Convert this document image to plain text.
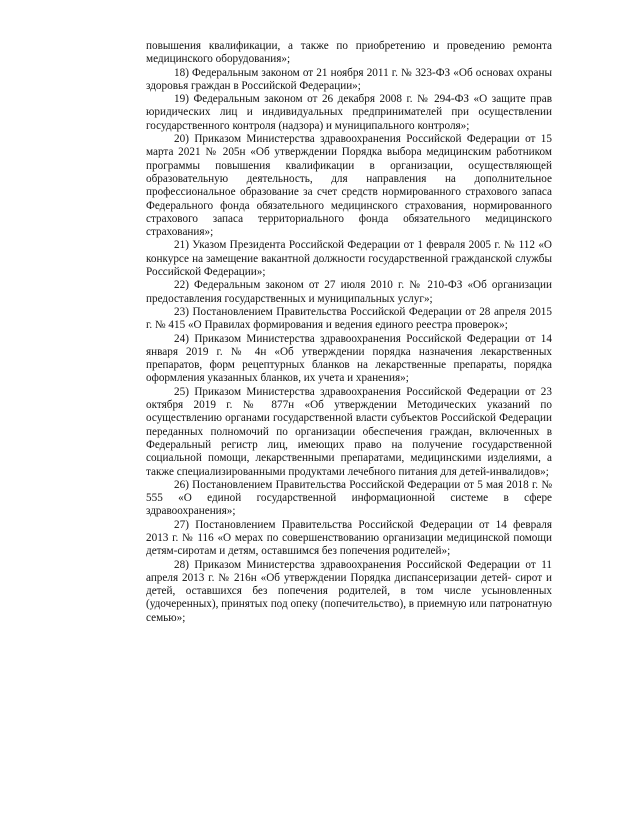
повышения квалификации, а также по приобретению и проведению ремонта медицинского оборудования»;

18) Федеральным законом от 21 ноября 2011 г. № 323-ФЗ «Об основах охраны здоровья граждан в Российской Федерации»;

19) Федеральным законом от 26 декабря 2008 г. № 294-ФЗ «О защите прав юридических лиц и индивидуальных предпринимателей при осуществлении государственного контроля (надзора) и муниципального контроля»;

20) Приказом Министерства здравоохранения Российской Федерации от 15 марта 2021 № 205н «Об утверждении Порядка выбора медицинским работником программы повышения квалификации в организации, осуществляющей образовательную деятельность, для направления на дополнительное профессиональное образование за счет средств нормированного страхового запаса Федерального фонда обязательного медицинского страхования, нормированного страхового запаса территориального фонда обязательного медицинского страхования»;

21) Указом Президента Российской Федерации от 1 февраля 2005 г. № 112 «О конкурсе на замещение вакантной должности государственной гражданской службы Российской Федерации»;

22) Федеральным законом от 27 июля 2010 г. № 210-ФЗ «Об организации предоставления государственных и муниципальных услуг»;

23) Постановлением Правительства Российской Федерации от 28 апреля 2015 г. № 415 «О Правилах формирования и ведения единого реестра проверок»;

24) Приказом Министерства здравоохранения Российской Федерации от 14 января 2019 г. № 4н «Об утверждении порядка назначения лекарственных препаратов, форм рецептурных бланков на лекарственные препараты, порядка оформления указанных бланков, их учета и хранения»;

25) Приказом Министерства здравоохранения Российской Федерации от 23 октября 2019 г. № 877н «Об утверждении Методических указаний по осуществлению органами государственной власти субъектов Российской Федерации переданных полномочий по организации обеспечения граждан, включенных в Федеральный регистр лиц, имеющих право на получение государственной социальной помощи, лекарственными препаратами, медицинскими изделиями, а также специализированными продуктами лечебного питания для детей-инвалидов»;

26) Постановлением Правительства Российской Федерации от 5 мая 2018 г. № 555 «О единой государственной информационной системе в сфере здравоохранения»;

27) Постановлением Правительства Российской Федерации от 14 февраля 2013 г. № 116 «О мерах по совершенствованию организации медицинской помощи детям-сиротам и детям, оставшимся без попечения родителей»;

28) Приказом Министерства здравоохранения Российской Федерации от 11 апреля 2013 г. № 216н «Об утверждении Порядка диспансеризации детей- сирот и детей, оставшихся без попечения родителей, в том числе усыновленных (удочеренных), принятых под опеку (попечительство), в приемную или патронатную семью»;
